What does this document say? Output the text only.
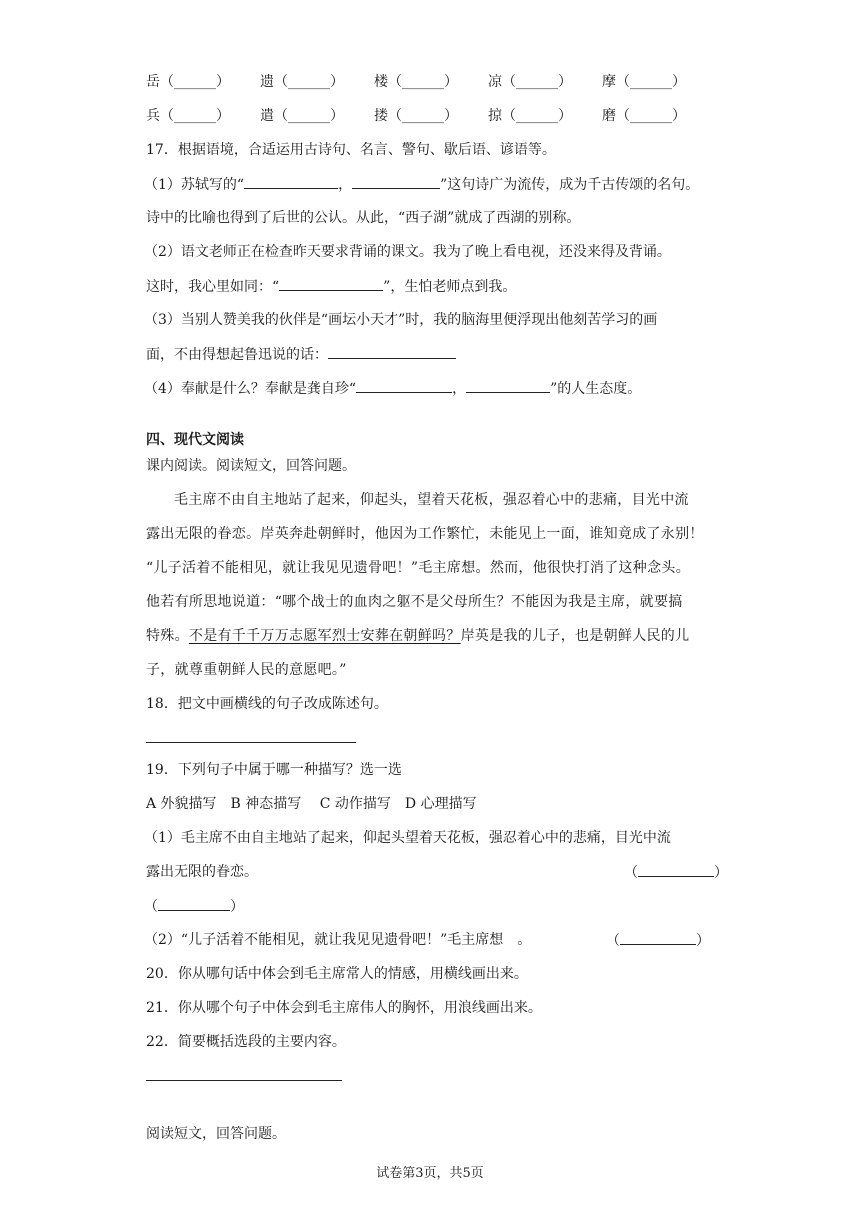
岳（______） 遗（______） 楼（______） 凉（______） 摩（______）
兵（______） 遣（______） 搂（______） 掠（______） 磨（______）
17．根据语境，合适运用古诗句、名言、警句、歇后语、谚语等。
（1）苏轼写的“	，	”这句诗广为流传，成为千古传颂的名句。
诗中的比喻也得到了后世的公认。从此，“西子湖”就成了西湖的别称。
（2）语文老师正在检查昨天要求背诵的课文。我为了晚上看电视，还没来得及背诵。
这时，我心里如同：“	”，生怕老师点到我。
（3）当别人赞美我的伙伴是“画坛小天才”时，我的脑海里便浮现出他刻苦学习的画
面，不由得想起鲁迅说的话：
（4）奉献是什么？奉献是龚自珍“	，	”的人生态度。
四、现代文阅读
课内阅读。阅读短文，回答问题。
毛主席不由自主地站了起来，仰起头，望着天花板，强忍着心中的悲痛，目光中流
露出无限的眷恋。岸英奔赴朝鲜时，他因为工作繁忙，未能见上一面，谁知竟成了永别！
“儿子活着不能相见，就让我见见遗骨吧！”毛主席想。然而，他很快打消了这种念头。
他若有所思地说道：“哪个战士的血肉之躯不是父母所生？不能因为我是主席，就要搞
特殊。不是有千千万万志愿军烈士安葬在朝鲜吗？岸英是我的儿子，也是朝鲜人民的儿
子，就尊重朝鲜人民的意愿吧。”
18．把文中画横线的句子改成陈述句。
19．下列句子中属于哪一种描写？选一选
A 外貌描写　B 神态描写　 C 动作描写　D 心理描写
（1）毛主席不由自主地站了起来，仰起头望着天花板，强忍着心中的悲痛，目光中流
露出无限的眷恋。	（	）
（	）
（2）“儿子活着不能相见，就让我见见遗骨吧！”毛主席想　。	（	）
20．你从哪句话中体会到毛主席常人的情感，用横线画出来。
21．你从哪个句子中体会到毛主席伟人的胸怀，用浪线画出来。
22．简要概括选段的主要内容。
阅读短文，回答问题。
试卷第3页，共5页
